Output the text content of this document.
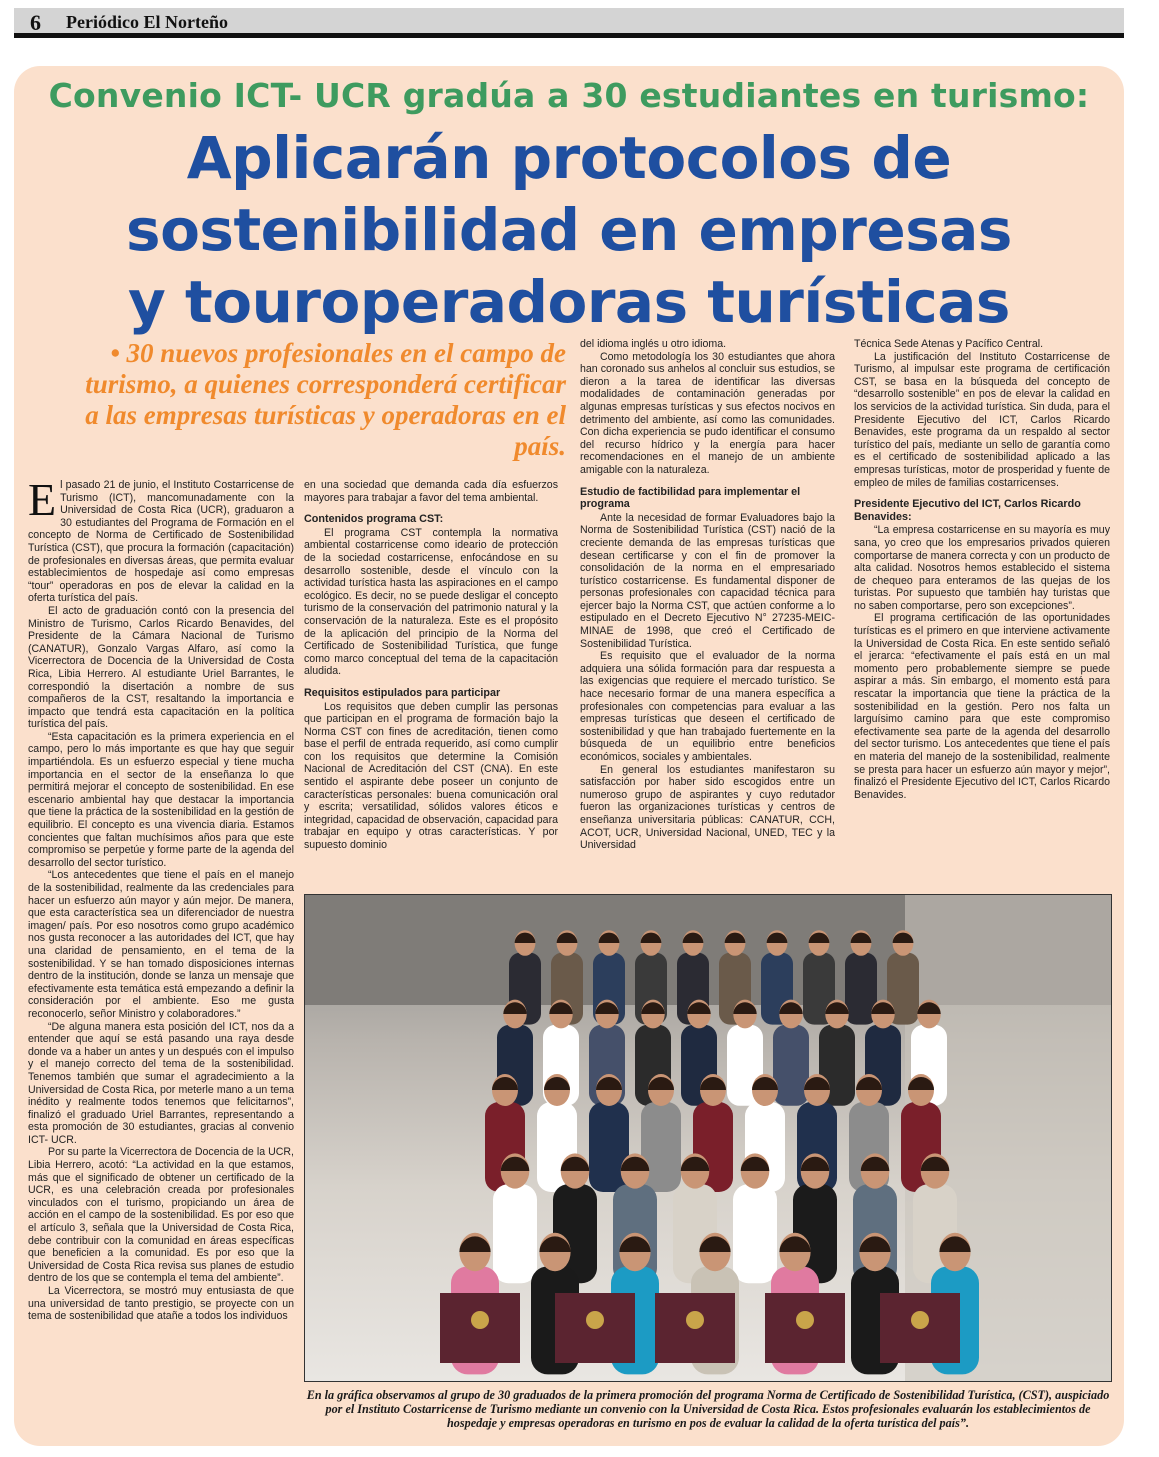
6 Periódico El Norteño
Convenio ICT- UCR gradúa a 30 estudiantes en turismo:
Aplicarán protocolos de
sostenibilidad en empresas
y touroperadoras turísticas
• 30 nuevos profesionales en el campo de turismo, a quienes corresponderá certificar a las empresas turísticas y operadoras en el país.

El pasado 21 de junio, el Instituto Costarricense de Turismo (ICT), mancomunadamente con la Universidad de Costa Rica (UCR), graduaron a 30 estudiantes del Programa de Formación en el concepto de Norma de Certificado de Sostenibilidad Turística (CST), que procura la formación (capacitación) de profesionales en diversas áreas, que permita evaluar establecimientos de hospedaje así como empresas “tour” operadoras en pos de elevar la calidad en la oferta turística del país.

El acto de graduación contó con la presencia del Ministro de Turismo, Carlos Ricardo Benavides, del Presidente de la Cámara Nacional de Turismo (CANATUR), Gonzalo Vargas Alfaro, así como la Vicerrectora de Docencia de la Universidad de Costa Rica, Libia Herrero. Al estudiante Uriel Barrantes, le correspondió la disertación a nombre de sus compañeros de la CST, resaltando la importancia e impacto que tendrá esta capacitación en la política turística del país.

“Esta capacitación es la primera experiencia en el campo, pero lo más importante es que hay que seguir impartiéndola. Es un esfuerzo especial y tiene mucha importancia en el sector de la enseñanza lo que permitirá mejorar el concepto de sostenibilidad. En ese escenario ambiental hay que destacar la importancia que tiene la práctica de la sostenibilidad en la gestión de equilibrio. El concepto es una vivencia diaria. Estamos concientes que faltan muchísimos años para que este compromiso se perpetúe y forme parte de la agenda del desarrollo del sector turístico.

“Los antecedentes que tiene el país en el manejo de la sostenibilidad, realmente da las credenciales para hacer un esfuerzo aún mayor y aún mejor. De manera, que esta característica sea un diferenciador de nuestra imagen/ país. Por eso nosotros como grupo académico nos gusta reconocer a las autoridades del ICT, que hay una claridad de pensamiento, en el tema de la sostenibilidad. Y se han tomado disposiciones internas dentro de la institución, donde se lanza un mensaje que efectivamente esta temática está empezando a definir la consideración por el ambiente. Eso me gusta reconocerlo, señor Ministro y colaboradores.”

“De alguna manera esta posición del ICT, nos da a entender que aquí se está pasando una raya desde donde va a haber un antes y un después con el impulso y el manejo correcto del tema de la sostenibilidad. Tenemos también que sumar el agradecimiento a la Universidad de Costa Rica, por meterle mano a un tema inédito y realmente todos tenemos que felicitarnos”, finalizó el graduado Uriel Barrantes, representando a esta promoción de 30 estudiantes, gracias al convenio ICT- UCR.

Por su parte la Vicerrectora de Docencia de la UCR, Libia Herrero, acotó: “La actividad en la que estamos, más que el significado de obtener un certificado de la UCR, es una celebración creada por profesionales vinculados con el turismo, propiciando un área de acción en el campo de la sostenibilidad. Es por eso que el artículo 3, señala que la Universidad de Costa Rica, debe contribuir con la comunidad en áreas específicas que beneficien a la comunidad. Es por eso que la Universidad de Costa Rica revisa sus planes de estudio dentro de los que se contempla el tema del ambiente”.

La Vicerrectora, se mostró muy entusiasta de que una universidad de tanto prestigio, se proyecte con un tema de sostenibilidad que atañe a todos los individuos

en una sociedad que demanda cada día esfuerzos mayores para trabajar a favor del tema ambiental.

Contenidos programa CST:

El programa CST contempla la normativa ambiental costarricense como ideario de protección de la sociedad costarricense, enfocándose en su desarrollo sostenible, desde el vínculo con la actividad turística hasta las aspiraciones en el campo ecológico. Es decir, no se puede desligar el concepto turismo de la conservación del patrimonio natural y la conservación de la naturaleza. Este es el propósito de la aplicación del principio de la Norma del Certificado de Sostenibilidad Turística, que funge como marco conceptual del tema de la capacitación aludida.

Requisitos estipulados para participar

Los requisitos que deben cumplir las personas que participan en el programa de formación bajo la Norma CST con fines de acreditación, tienen como base el perfil de entrada requerido, así como cumplir con los requisitos que determine la Comisión Nacional de Acreditación del CST (CNA). En este sentido el aspirante debe poseer un conjunto de características personales: buena comunicación oral y escrita; versatilidad, sólidos valores éticos e integridad, capacidad de observación, capacidad para trabajar en equipo y otras características. Y por supuesto dominio

del idioma inglés u otro idioma.

Como metodología los 30 estudiantes que ahora han coronado sus anhelos al concluir sus estudios, se dieron a la tarea de identificar las diversas modalidades de contaminación generadas por algunas empresas turísticas y sus efectos nocivos en detrimento del ambiente, así como las comunidades. Con dicha experiencia se pudo identificar el consumo del recurso hídrico y la energía para hacer recomendaciones en el manejo de un ambiente amigable con la naturaleza.

Estudio de factibilidad para implementar el programa

Ante la necesidad de formar Evaluadores bajo la Norma de Sostenibilidad Turística (CST) nació de la creciente demanda de las empresas turísticas que desean certificarse y con el fin de promover la consolidación de la norma en el empresariado turístico costarricense. Es fundamental disponer de personas profesionales con capacidad técnica para ejercer bajo la Norma CST, que actúen conforme a lo estipulado en el Decreto Ejecutivo N° 27235-MEIC-MINAE de 1998, que creó el Certificado de Sostenibilidad Turística.

Es requisito que el evaluador de la norma adquiera una sólida formación para dar respuesta a las exigencias que requiere el mercado turístico. Se hace necesario formar de una manera específica a profesionales con competencias para evaluar a las empresas turísticas que deseen el certificado de sostenibilidad y que han trabajado fuertemente en la búsqueda de un equilibrio entre beneficios económicos, sociales y ambientales.

En general los estudiantes manifestaron su satisfacción por haber sido escogidos entre un numeroso grupo de aspirantes y cuyo redutador fueron las organizaciones turísticas y centros de enseñanza universitaria públicas: CANATUR, CCH, ACOT, UCR, Universidad Nacional, UNED, TEC y la Universidad

Técnica Sede Atenas y Pacífico Central.

La justificación del Instituto Costarricense de Turismo, al impulsar este programa de certificación CST, se basa en la búsqueda del concepto de “desarrollo sostenible” en pos de elevar la calidad en los servicios de la actividad turística. Sin duda, para el Presidente Ejecutivo del ICT, Carlos Ricardo Benavides, este programa da un respaldo al sector turístico del país, mediante un sello de garantía como es el certificado de sostenibilidad aplicado a las empresas turísticas, motor de prosperidad y fuente de empleo de miles de familias costarricenses.

Presidente Ejecutivo del ICT, Carlos Ricardo Benavides:

“La empresa costarricense en su mayoría es muy sana, yo creo que los empresarios privados quieren comportarse de manera correcta y con un producto de alta calidad. Nosotros hemos establecido el sistema de chequeo para enteramos de las quejas de los turistas. Por supuesto que también hay turistas que no saben comportarse, pero son excepciones”.

El programa certificación de las oportunidades turísticas es el primero en que interviene activamente la Universidad de Costa Rica. En este sentido señaló el jerarca: “efectivamente el país está en un mal momento pero probablemente siempre se puede aspirar a más. Sin embargo, el momento está para rescatar la importancia que tiene la práctica de la sostenibilidad en la gestión. Pero nos falta un larguísimo camino para que este compromiso efectivamente sea parte de la agenda del desarrollo del sector turismo. Los antecedentes que tiene el país en materia del manejo de la sostenibilidad, realmente se presta para hacer un esfuerzo aún mayor y mejor”, finalizó el Presidente Ejecutivo del ICT, Carlos Ricardo Benavides.

En la gráfica observamos al grupo de 30 graduados de la primera promoción del programa Norma de Certificado de Sostenibilidad Turística, (CST), auspiciado por el Instituto Costarricense de Turismo mediante un convenio con la Universidad de Costa Rica. Estos profesionales evaluarán los establecimientos de hospedaje y empresas operadoras en turismo en pos de evaluar la calidad de la oferta turística del país”.
